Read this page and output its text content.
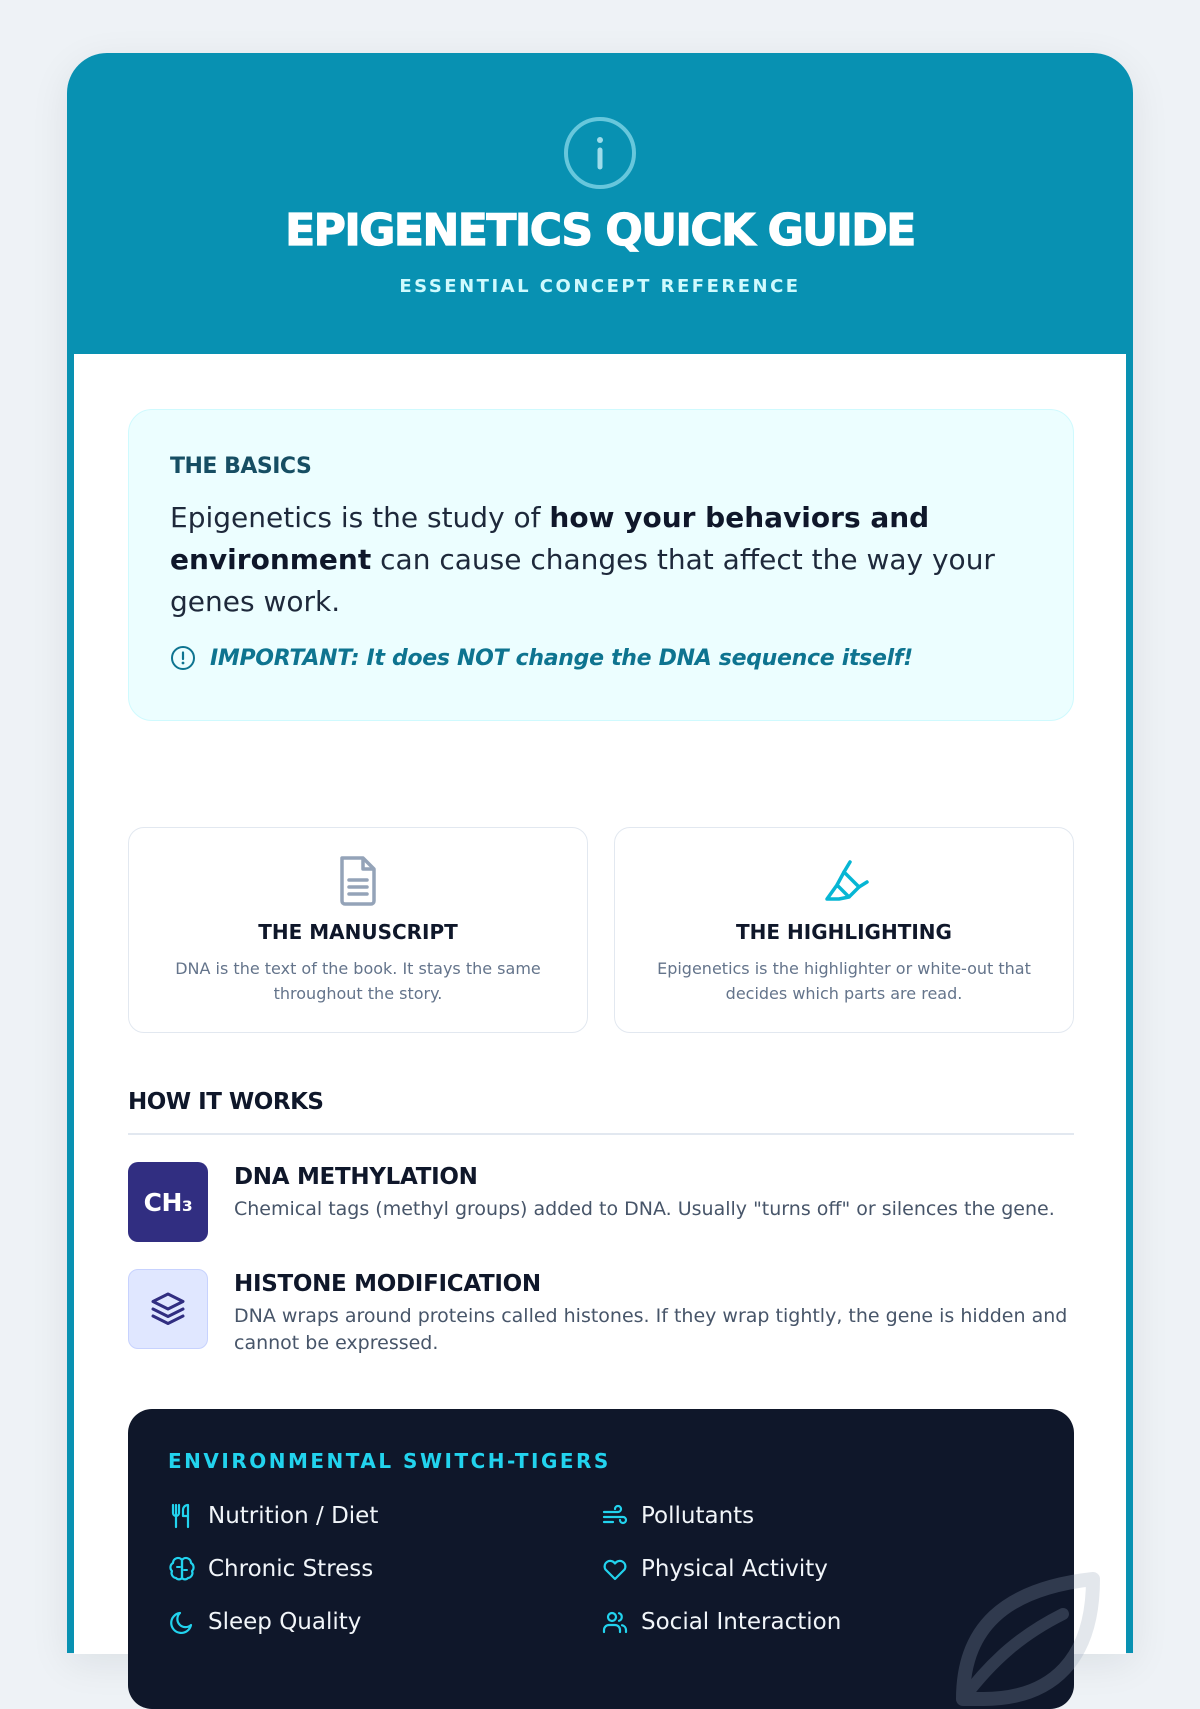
EPIGENETICS QUICK GUIDE
ESSENTIAL CONCEPT REFERENCE
THE BASICS
Epigenetics is the study of how your behaviors and environment can cause changes that affect the way your genes work.
IMPORTANT: It does NOT change the DNA sequence itself!
THE MANUSCRIPT
DNA is the text of the book. It stays the same throughout the story.
THE HIGHLIGHTING
Epigenetics is the highlighter or white-out that decides which parts are read.
HOW IT WORKS
CH₃
DNA METHYLATION
Chemical tags (methyl groups) added to DNA. Usually "turns off" or silences the gene.
HISTONE MODIFICATION
DNA wraps around proteins called histones. If they wrap tightly, the gene is hidden and cannot be expressed.
ENVIRONMENTAL SWITCH-TIGERS
Nutrition / Diet	Pollutants
Chronic Stress	Physical Activity
Sleep Quality	Social Interaction
